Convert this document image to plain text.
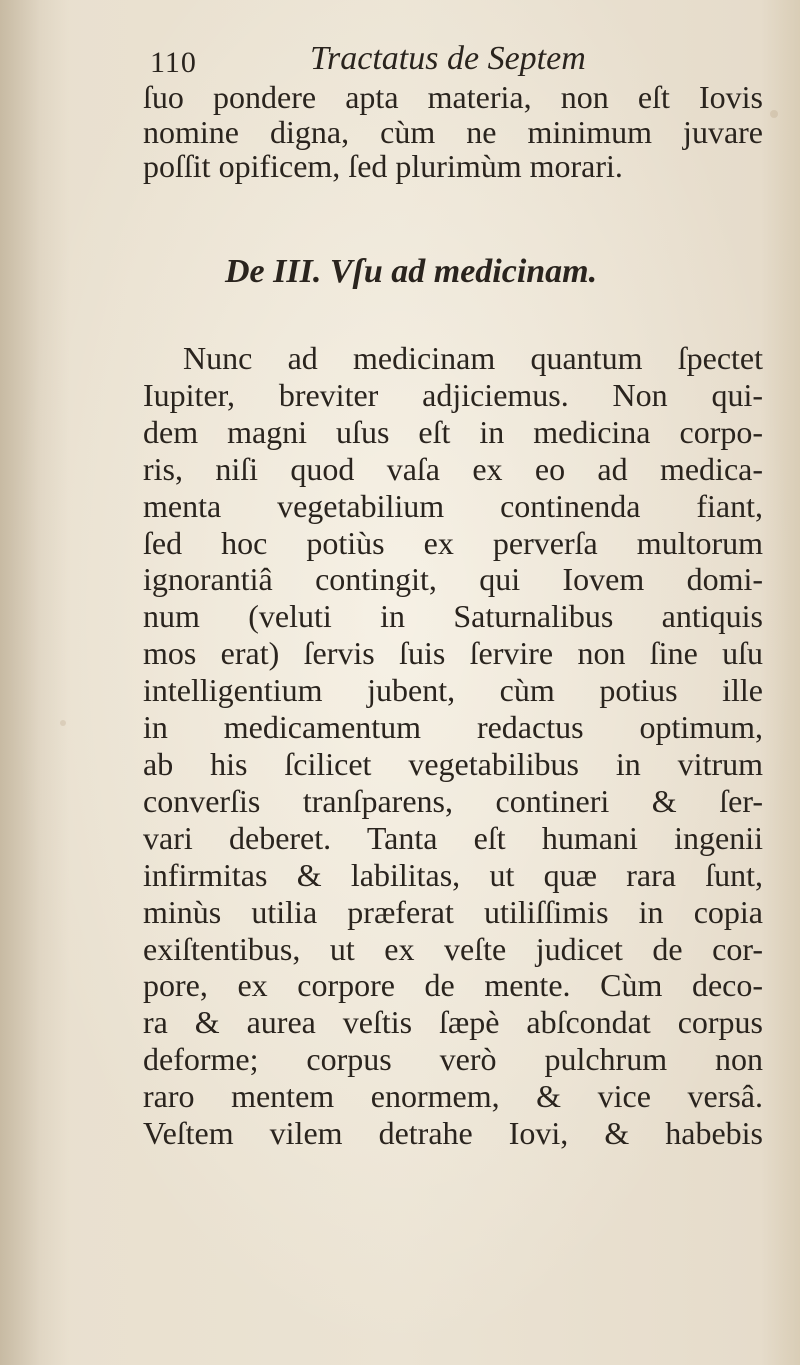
110	Tractatus de Septem
ſuo pondere apta materia, non eſt Iovis
nomine digna, cùm ne minimum juvare
poſſit opificem, ſed plurimùm morari.
De III. Vſu ad medicinam.
Nunc ad medicinam quantum ſpectet
Iupiter, breviter adjiciemus. Non qui-
dem magni uſus eſt in medicina corpo-
ris, niſi quod vaſa ex eo ad medica-
menta vegetabilium continenda fiant,
ſed hoc potiùs ex perverſa multorum
ignorantiâ contingit, qui Iovem domi-
num (veluti in Saturnalibus antiquis
mos erat) ſervis ſuis ſervire non ſine uſu
intelligentium jubent, cùm potius ille
in medicamentum redactus optimum,
ab his ſcilicet vegetabilibus in vitrum
converſis tranſparens, contineri & ſer-
vari deberet. Tanta eſt humani ingenii
infirmitas & labilitas, ut quæ rara ſunt,
minùs utilia præferat utiliſſimis in copia
exiſtentibus, ut ex veſte judicet de cor-
pore, ex corpore de mente. Cùm deco-
ra & aurea veſtis ſæpè abſcondat corpus
deforme; corpus verò pulchrum non
raro mentem enormem, & vice versâ.
Veſtem vilem detrahe Iovi, & habebis
